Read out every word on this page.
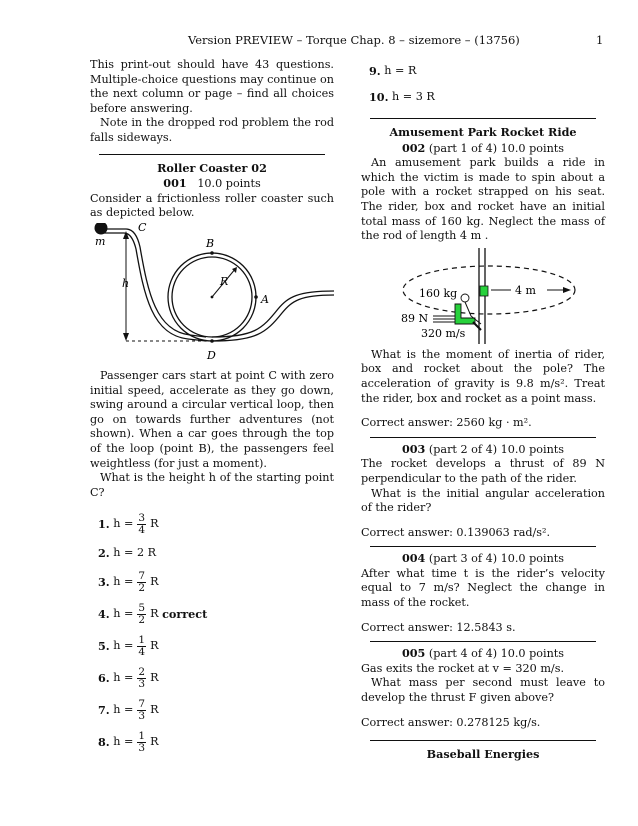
Version PREVIEW – Torque Chap. 8 – sizemore – (13756)	1

This print-out should have 43 questions. Multiple-choice questions may continue on the next column or page – find all choices before answering.

Note in the dropped rod problem the rod falls sideways.

Roller Coaster 02
001 10.0 points

Consider a frictionless roller coaster such as depicted below.

m
C
B
h	R
A
D

Passenger cars start at point C with zero initial speed, accelerate as they go down, swing around a circular vertical loop, then go on towards further adventures (not shown). When a car goes through the top of the loop (point B), the passengers feel weightless (for just a moment).

What is the height h of the starting point C?

1.
$h = \frac{3}{4}$ R
2.
h = 2 R
3.
$h = \frac{7}{2}$ R
4.
$h = \frac{5}{2}$ R
correct
5.
$h = \frac{1}{4}$ R
6.
$h = \frac{2}{3}$ R
7.
$h = \frac{7}{3}$ R
8.
$h = \frac{1}{3}$ R
9.
h = R
10.
h = 3 R
Amusement Park Rocket Ride
002 (part 1 of 4) 10.0 points

An amusement park builds a ride in which the victim is made to spin about a pole with a rocket strapped on his seat. The rider, box and rocket have an initial total mass of 160 kg. Neglect the mass of the rod of length 4 m .

4 m
160 kg
89 N
320 m/s

What is the moment of inertia of rider, box and rocket about the pole? The acceleration of gravity is 9.8 m/s². Treat the rider, box and rocket as a point mass.

Correct answer: 2560 kg · m².

003 (part 2 of 4) 10.0 points

The rocket develops a thrust of 89 N perpendicular to the path of the rider.

What is the initial angular acceleration of the rider?

Correct answer: 0.139063 rad/s².

004 (part 3 of 4) 10.0 points

After what time t is the rider’s velocity equal to 7 m/s? Neglect the change in mass of the rocket.

Correct answer: 12.5843 s.

005 (part 4 of 4) 10.0 points

Gas exits the rocket at v = 320 m/s.

What mass per second must leave to develop the thrust F given above?

Correct answer: 0.278125 kg/s.

Baseball Energies
